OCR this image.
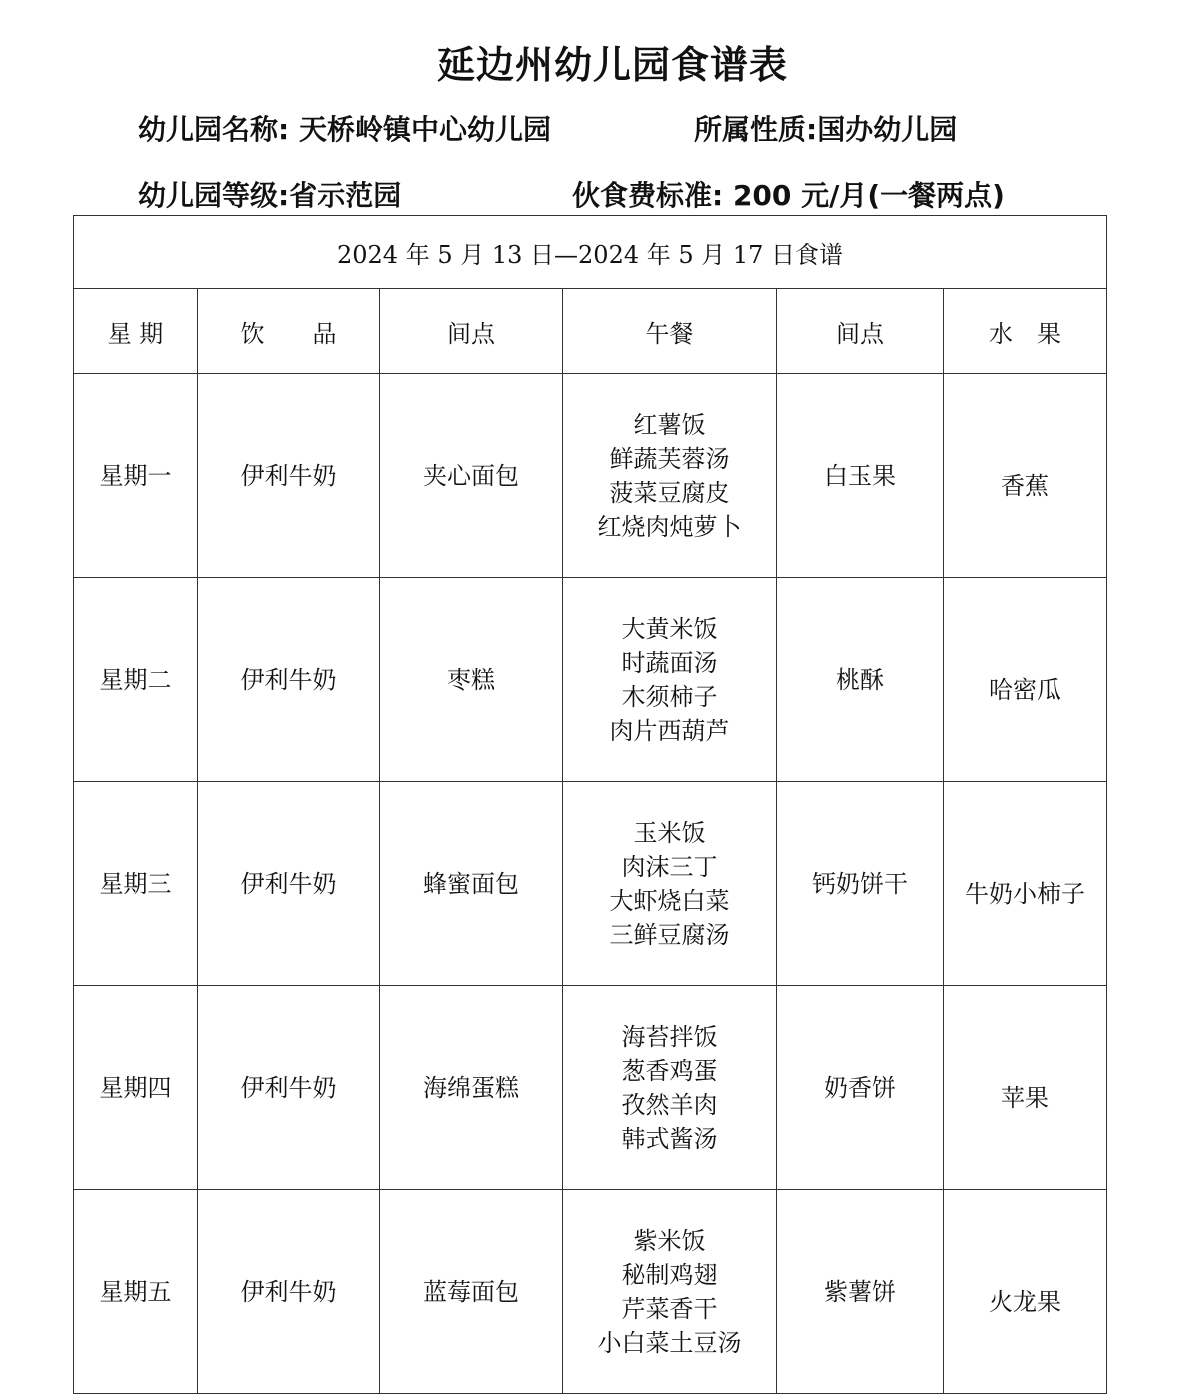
延边州幼儿园食谱表
幼儿园名称: 天桥岭镇中心幼儿园	所属性质:国办幼儿园
幼儿园等级:省示范园	伙食费标准: 200 元/月(一餐两点)
2024 年 5 月 13 日—2024 年 5 月 17 日食谱					
星 期	饮　　品	间点	午餐	间点	水　果
星期一	伊利牛奶	夹心面包	红薯饭
鲜蔬芙蓉汤
菠菜豆腐皮
红烧肉炖萝卜	白玉果	香蕉
星期二	伊利牛奶	枣糕	大黄米饭
时蔬面汤
木须柿子
肉片西葫芦	桃酥	哈密瓜
星期三	伊利牛奶	蜂蜜面包	玉米饭
肉沫三丁
大虾烧白菜
三鲜豆腐汤	钙奶饼干	牛奶小柿子
星期四	伊利牛奶	海绵蛋糕	海苔拌饭
葱香鸡蛋
孜然羊肉
韩式酱汤	奶香饼	苹果
星期五	伊利牛奶	蓝莓面包	紫米饭
秘制鸡翅
芹菜香干
小白菜土豆汤	紫薯饼	火龙果
